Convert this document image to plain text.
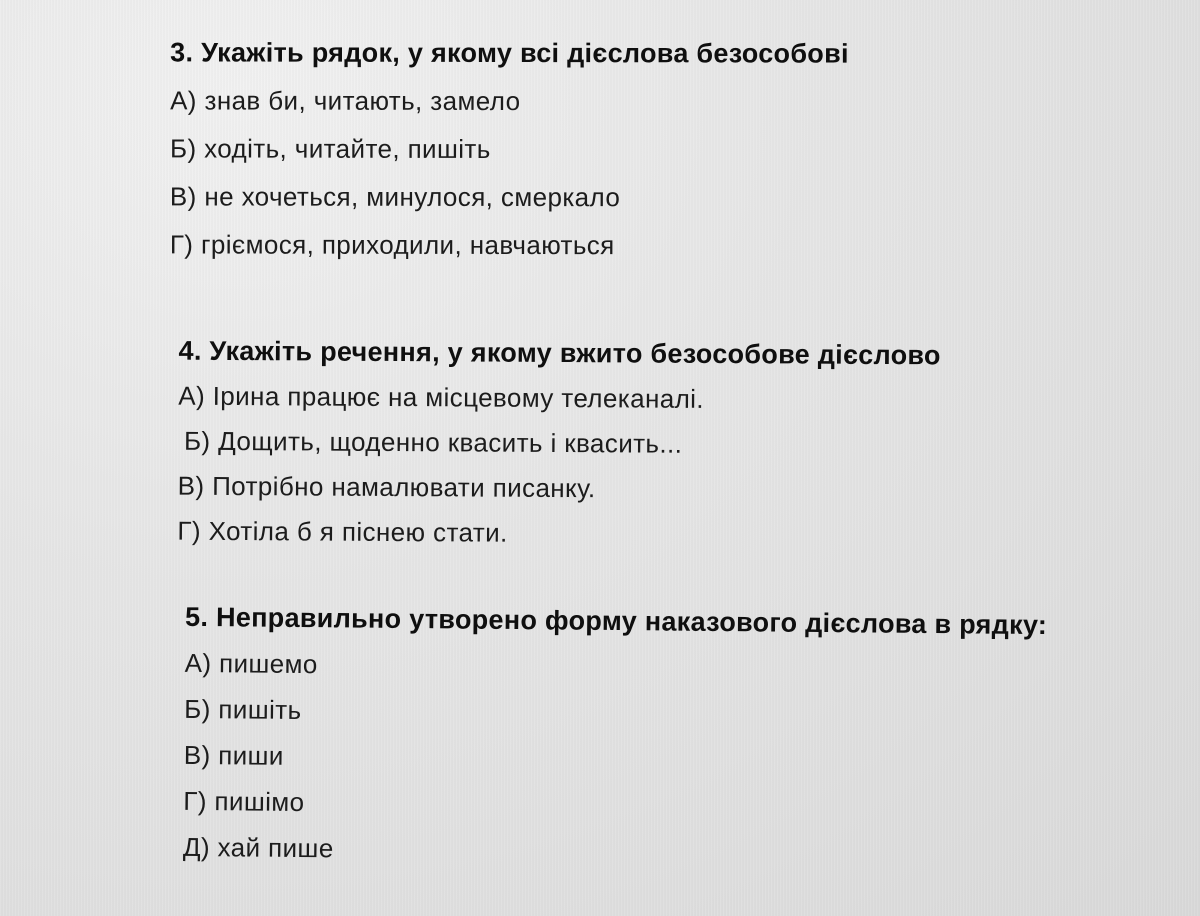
3. Укажіть рядок, у якому всі дієслова безособові
А) знав би, читають, замело
Б) ходіть, читайте, пишіть
В) не хочеться, минулося, смеркало
Г) гріємося, приходили, навчаються
4. Укажіть речення, у якому вжито безособове дієслово
А) Ірина працює на місцевому телеканалі.
Б) Дощить, щоденно квасить і квасить...
В) Потрібно намалювати писанку.
Г) Хотіла б я піснею стати.
5. Неправильно утворено форму наказового дієслова в рядку:
А) пишемо
Б) пишіть
В) пиши
Г) пишімо
Д) хай пише
